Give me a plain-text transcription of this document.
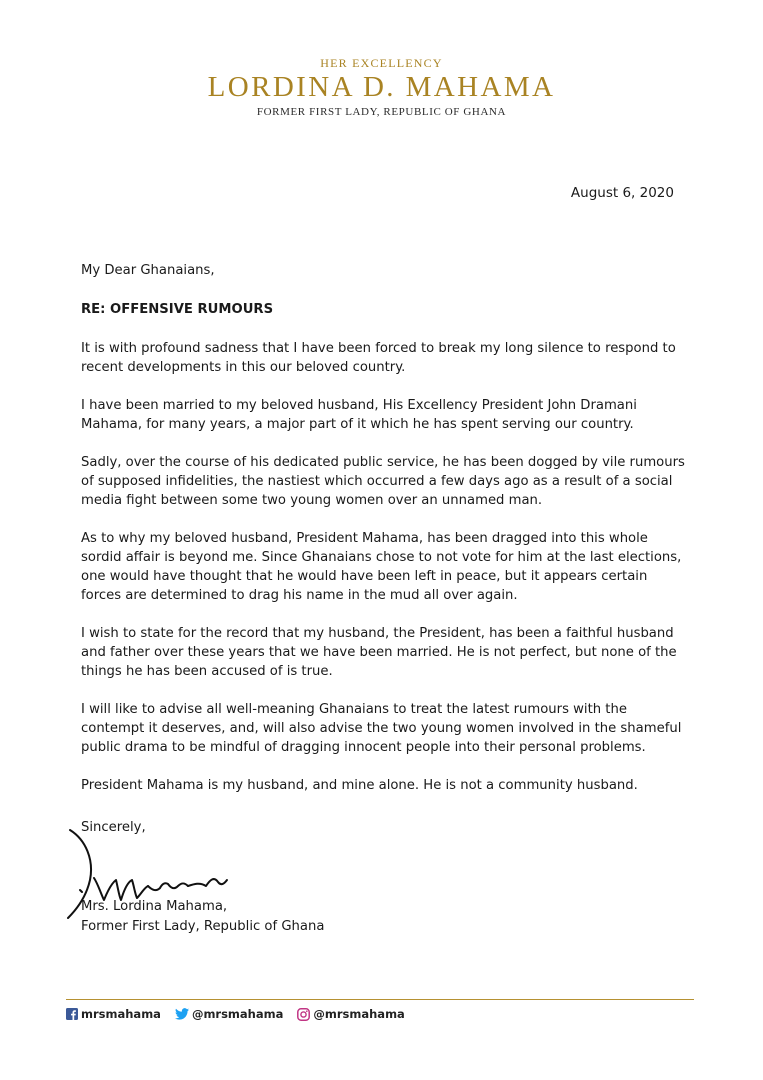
HER EXCELLENCY
LORDINA D. MAHAMA
FORMER FIRST LADY, REPUBLIC OF GHANA
August 6, 2020

My Dear Ghanaians,

RE: OFFENSIVE RUMOURS

It is with profound sadness that I have been forced to break my long silence to respond to recent developments in this our beloved country.

I have been married to my beloved husband, His Excellency President John Dramani Mahama, for many years, a major part of it which he has spent serving our country.

Sadly, over the course of his dedicated public service, he has been dogged by vile rumours of supposed infidelities, the nastiest which occurred a few days ago as a result of a social media fight between some two young women over an unnamed man.

As to why my beloved husband, President Mahama, has been dragged into this whole sordid affair is beyond me. Since Ghanaians chose to not vote for him at the last elections, one would have thought that he would have been left in peace, but it appears certain forces are determined to drag his name in the mud all over again.

I wish to state for the record that my husband, the President, has been a faithful husband and father over these years that we have been married. He is not perfect, but none of the things he has been accused of is true.

I will like to advise all well-meaning Ghanaians to treat the latest rumours with the contempt it deserves, and, will also advise the two young women involved in the shameful public drama to be mindful of dragging innocent people into their personal problems.

President Mahama is my husband, and mine alone. He is not a community husband.

Sincerely,
Mrs. Lordina Mahama,
Former First Lady, Republic of Ghana
mrsmahama	@mrsmahama	@mrsmahama
